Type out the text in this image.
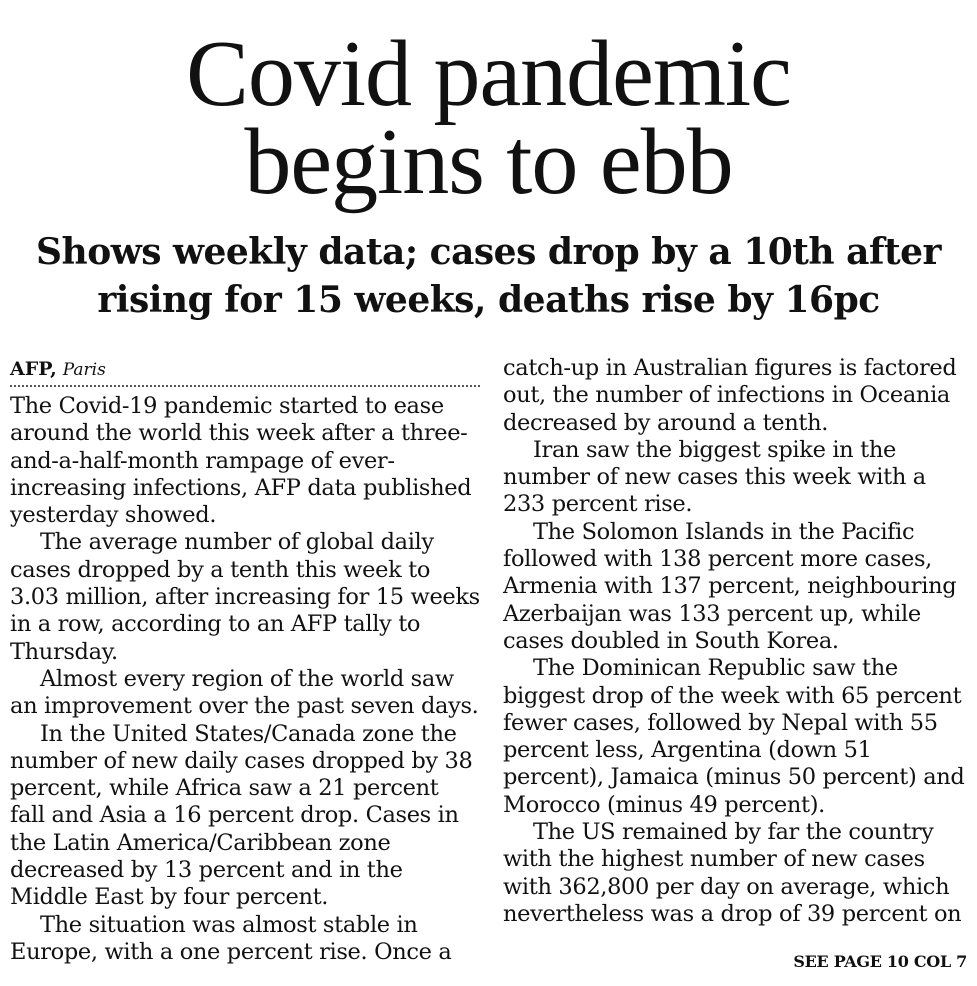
Covid pandemic
begins to ebb
Shows weekly data; cases drop by a 10th after
rising for 15 weeks, deaths rise by 16pc
AFP, Paris

The Covid-19 pandemic started to ease around the world this week after a three-and-a-half-month rampage of ever-increasing infections, AFP data published yesterday showed.

The average number of global daily cases dropped by a tenth this week to 3.03 million, after increasing for 15 weeks in a row, according to an AFP tally to Thursday.

Almost every region of the world saw an improvement over the past seven days.

In the United States/Canada zone the number of new daily cases dropped by 38 percent, while Africa saw a 21 percent fall and Asia a 16 percent drop. Cases in the Latin America/Caribbean zone decreased by 13 percent and in the Middle East by four percent.

The situation was almost stable in Europe, with a one percent rise. Once a

catch-up in Australian figures is factored out, the number of infections in Oceania decreased by around a tenth.

Iran saw the biggest spike in the number of new cases this week with a 233 percent rise.

The Solomon Islands in the Pacific followed with 138 percent more cases, Armenia with 137 percent, neighbouring Azerbaijan was 133 percent up, while cases doubled in South Korea.

The Dominican Republic saw the biggest drop of the week with 65 percent fewer cases, followed by Nepal with 55 percent less, Argentina (down 51 percent), Jamaica (minus 50 percent) and Morocco (minus 49 percent).

The US remained by far the country with the highest number of new cases with 362,800 per day on average, which nevertheless was a drop of 39 percent on

SEE PAGE 10 COL 7
